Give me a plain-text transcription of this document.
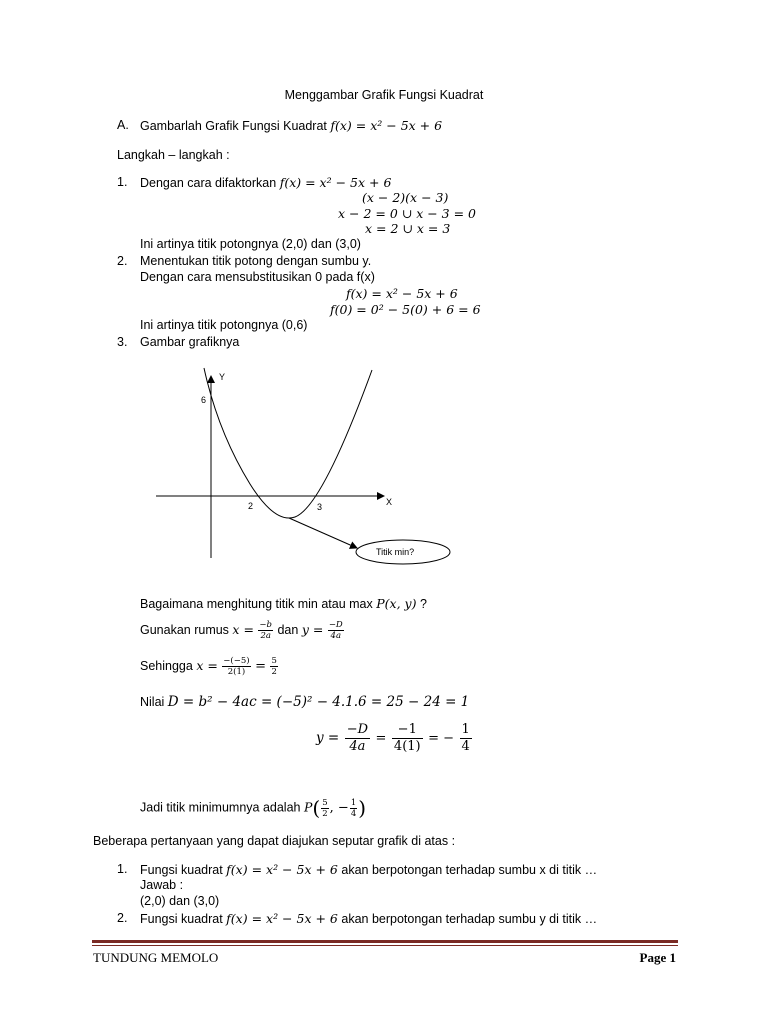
Menggambar Grafik Fungsi Kuadrat
A. Gambarlah Grafik Fungsi Kuadrat f(x) = x² − 5x + 6
Langkah – langkah :
1. Dengan cara difaktorkan f(x) = x² − 5x + 6
(x − 2)(x − 3)
x − 2 = 0 ∪ x − 3 = 0
x = 2 ∪ x = 3
Ini artinya titik potongnya (2,0) dan (3,0)
2. Menentukan titik potong dengan sumbu y.
Dengan cara mensubstitusikan 0 pada f(x)
f(x) = x² − 5x + 6
f(0) = 0² − 5(0) + 6 = 6
Ini artinya titik potongnya (0,6)
3. Gambar grafiknya
Y
X
6
2	3
Titik min?
Bagaimana menghitung titik min atau max P(x, y) ?
Gunakan rumus $x = \frac{-b}{2a}$ dan $y = \frac{-D}{4a}$
Sehingga $x = \frac{-(-5)}{2(1)} = \frac{5}{2}$
Nilai D = b² − 4ac = (−5)² − 4.1.6 = 25 − 24 = 1
$y = \frac{-D}{4a} = \frac{-1}{4(1)}$ = − $\frac{1}{4}$
Jadi titik minimumnya adalah $P( \frac{5}{2}$ , − $\frac{1}{4}$ )
Beberapa pertanyaan yang dapat diajukan seputar grafik di atas :
1. Fungsi kuadrat f(x) = x² − 5x + 6 akan berpotongan terhadap sumbu x di titik …
Jawab :
(2,0) dan (3,0)
2. Fungsi kuadrat f(x) = x² − 5x + 6 akan berpotongan terhadap sumbu y di titik …
TUNDUNG MEMOLO	Page 1
